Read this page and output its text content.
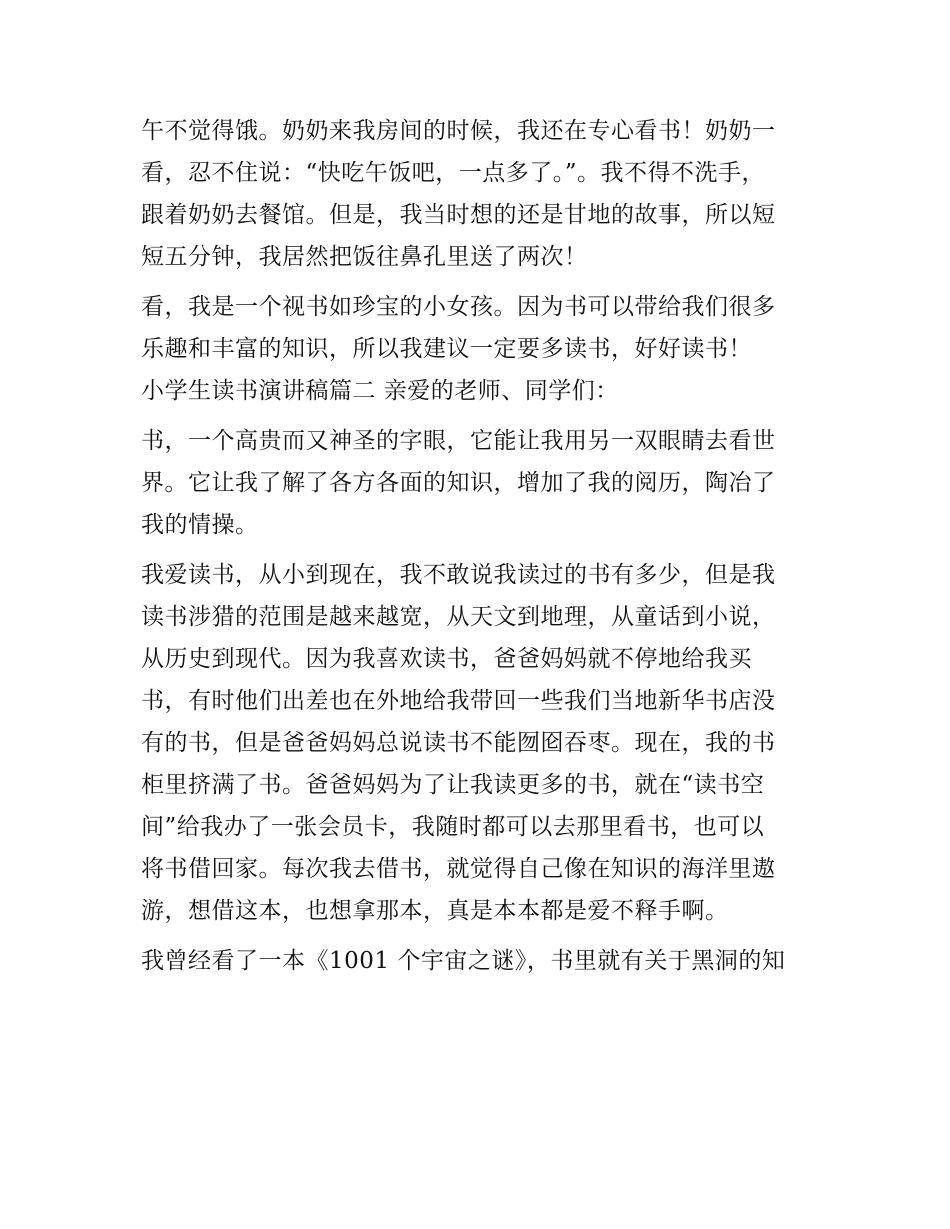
午不觉得饿。奶奶来我房间的时候，我还在专心看书！奶奶一
看，忍不住说：“快吃午饭吧，一点多了。”。我不得不洗手，
跟着奶奶去餐馆。但是，我当时想的还是甘地的故事，所以短
短五分钟，我居然把饭往鼻孔里送了两次！
看，我是一个视书如珍宝的小女孩。因为书可以带给我们很多
乐趣和丰富的知识，所以我建议一定要多读书，好好读书！
小学生读书演讲稿篇二 亲爱的老师、同学们：
书，一个高贵而又神圣的字眼，它能让我用另一双眼睛去看世
界。它让我了解了各方各面的知识，增加了我的阅历，陶冶了
我的情操。
我爱读书，从小到现在，我不敢说我读过的书有多少，但是我
读书涉猎的范围是越来越宽，从天文到地理，从童话到小说，
从历史到现代。因为我喜欢读书，爸爸妈妈就不停地给我买
书，有时他们出差也在外地给我带回一些我们当地新华书店没
有的书，但是爸爸妈妈总说读书不能囫囵吞枣。现在，我的书
柜里挤满了书。爸爸妈妈为了让我读更多的书，就在“读书空
间”给我办了一张会员卡，我随时都可以去那里看书，也可以
将书借回家。每次我去借书，就觉得自己像在知识的海洋里遨
游，想借这本，也想拿那本，真是本本都是爱不释手啊。
我曾经看了一本《1001 个宇宙之谜》，书里就有关于黑洞的知
